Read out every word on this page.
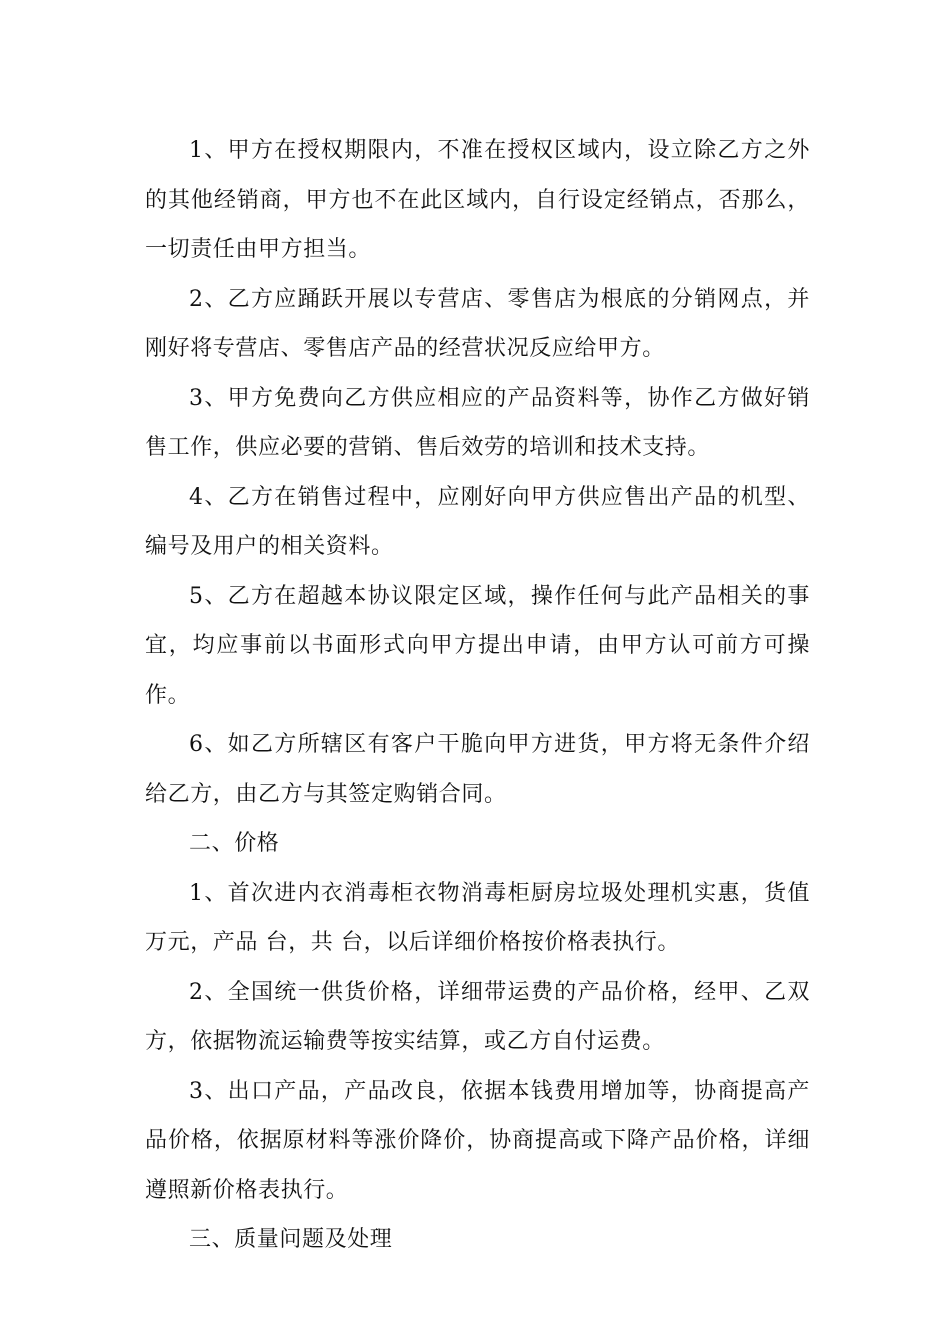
1、甲方在授权期限内，不准在授权区域内，设立除乙方之外的其他经销商，甲方也不在此区域内，自行设定经销点，否那么，一切责任由甲方担当。

2、乙方应踊跃开展以专营店、零售店为根底的分销网点，并刚好将专营店、零售店产品的经营状况反应给甲方。

3、甲方免费向乙方供应相应的产品资料等，协作乙方做好销售工作，供应必要的营销、售后效劳的培训和技术支持。

4、乙方在销售过程中，应刚好向甲方供应售出产品的机型、编号及用户的相关资料。

5、乙方在超越本协议限定区域，操作任何与此产品相关的事宜，均应事前以书面形式向甲方提出申请，由甲方认可前方可操作。

6、如乙方所辖区有客户干脆向甲方进货，甲方将无条件介绍给乙方，由乙方与其签定购销合同。

二、价格

1、首次进内衣消毒柜衣物消毒柜厨房垃圾处理机实惠，货值万元，产品 台，共 台，以后详细价格按价格表执行。

2、全国统一供货价格，详细带运费的产品价格，经甲、乙双方，依据物流运输费等按实结算，或乙方自付运费。

3、出口产品，产品改良，依据本钱费用增加等，协商提高产品价格，依据原材料等涨价降价，协商提高或下降产品价格，详细遵照新价格表执行。

三、质量问题及处理
